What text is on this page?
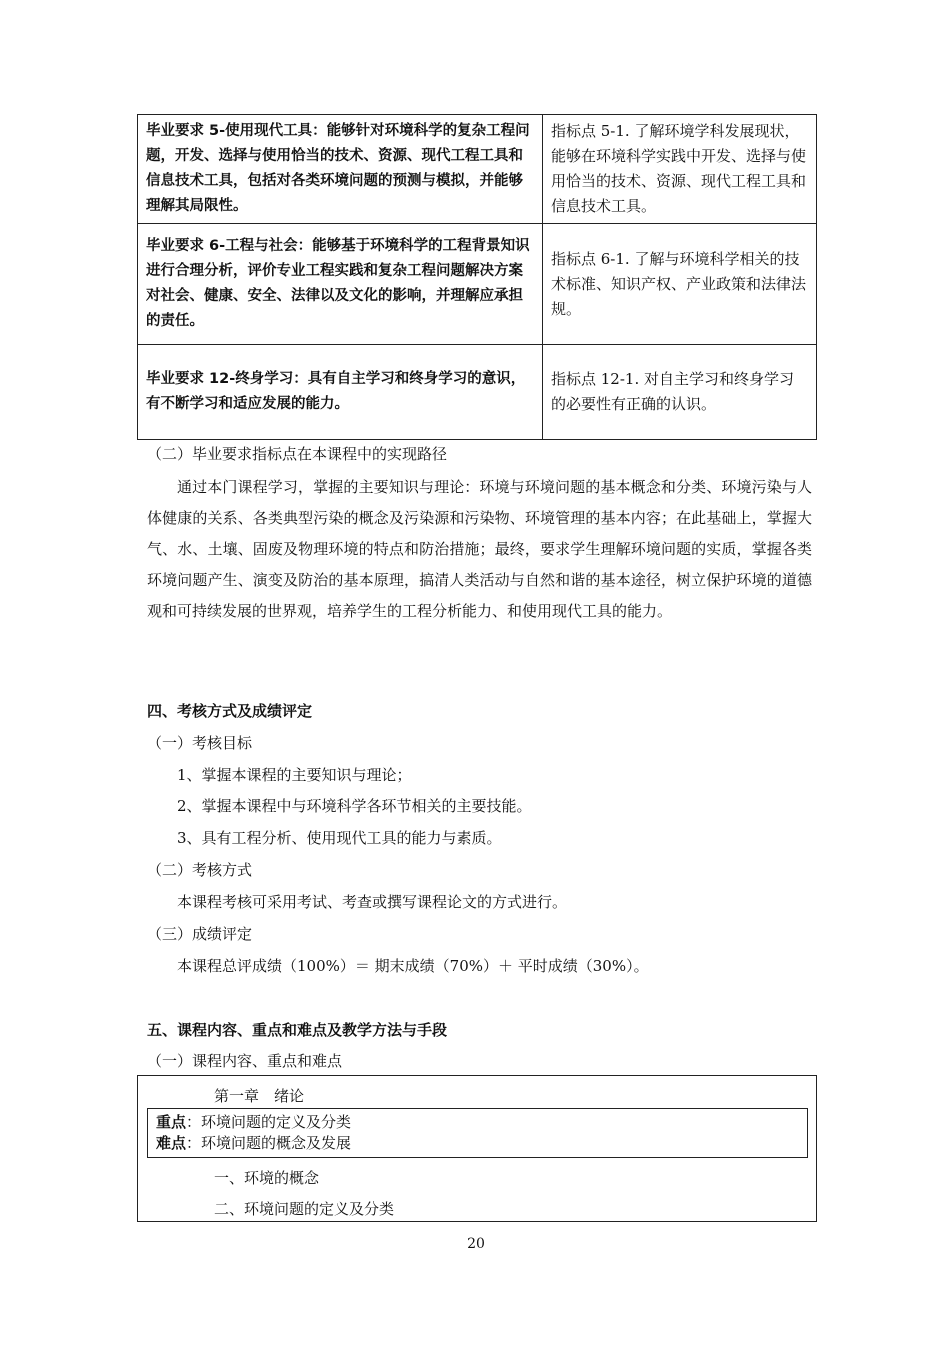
毕业要求 5-使用现代工具：能够针对环境科学的复杂工程问题，开发、选择与使用恰当的技术、资源、现代工程工具和信息技术工具，包括对各类环境问题的预测与模拟，并能够理解其局限性。	指标点 5-1. 了解环境学科发展现状，能够在环境科学实践中开发、选择与使用恰当的技术、资源、现代工程工具和信息技术工具。
毕业要求 6-工程与社会：能够基于环境科学的工程背景知识进行合理分析，评价专业工程实践和复杂工程问题解决方案对社会、健康、安全、法律以及文化的影响，并理解应承担的责任。	指标点 6-1. 了解与环境科学相关的技术标准、知识产权、产业政策和法律法规。
毕业要求 12-终身学习：具有自主学习和终身学习的意识，有不断学习和适应发展的能力。	指标点 12-1. 对自主学习和终身学习的必要性有正确的认识。
（二）毕业要求指标点在本课程中的实现路径
通过本门课程学习，掌握的主要知识与理论：环境与环境问题的基本概念和分类、环境污染与人体健康的关系、各类典型污染的概念及污染源和污染物、环境管理的基本内容；在此基础上，掌握大气、水、土壤、固废及物理环境的特点和防治措施；最终，要求学生理解环境问题的实质，掌握各类环境问题产生、演变及防治的基本原理，搞清人类活动与自然和谐的基本途径，树立保护环境的道德观和可持续发展的世界观，培养学生的工程分析能力、和使用现代工具的能力。
四、考核方式及成绩评定
（一）考核目标
1、掌握本课程的主要知识与理论；
2、掌握本课程中与环境科学各环节相关的主要技能。
3、具有工程分析、使用现代工具的能力与素质。
（二）考核方式
本课程考核可采用考试、考查或撰写课程论文的方式进行。
（三）成绩评定
本课程总评成绩（100%）＝ 期末成绩（70%）＋ 平时成绩（30%）。
五、课程内容、重点和难点及教学方法与手段
（一）课程内容、重点和难点
第一章　绪论
重点：环境问题的定义及分类
难点：环境问题的概念及发展
一、环境的概念
二、环境问题的定义及分类
20
